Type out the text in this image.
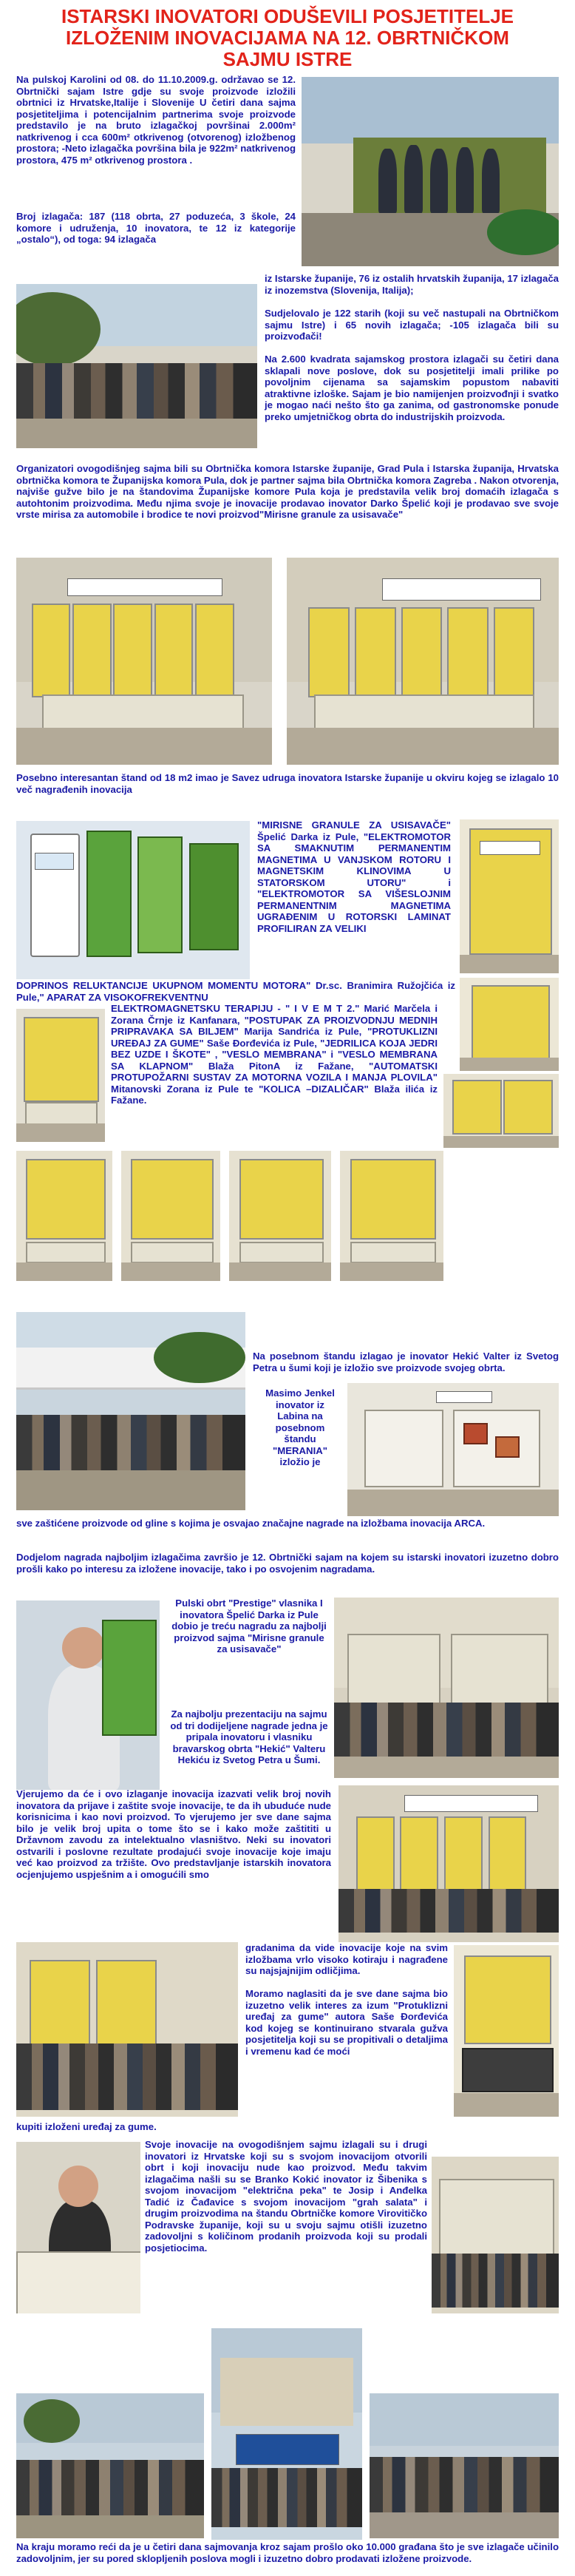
ISTARSKI INOVATORI ODUŠEVILI POSJETITELJE
IZLOŽENIM INOVACIJAMA NA 12. OBRTNIČKOM
SAJMU ISTRE

Na pulskoj Karolini od 08. do 11.10.2009.g. održavao se 12. Obrtnički sajam Istre gdje su svoje proizvode izložili obrtnici iz Hrvatske,Italije i Slovenije U četiri dana sajma posjetiteljima i potencijalnim partnerima svoje proizvode predstavilo je na bruto izlagačkoj površinai 2.000m² natkrivenog i cca 600m² otkrivenog (otvorenog) izložbenog prostora; -Neto izlagačka površina bila je 922m² natkrivenog prostora, 475 m² otkrivenog prostora .

Broj izlagača: 187 (118 obrta, 27 poduzeća, 3 škole, 24 komore i udruženja, 10 inovatora, te 12 iz kategorije „ostalo“), od toga: 94 izlagača

iz Istarske županije, 76 iz ostalih hrvatskih županija, 17 izlagača iz inozemstva (Slovenija, Italija);

Sudjelovalo je 122 starih (koji su več nastupali na Obrtničkom sajmu Istre) i 65 novih izlagača; -105 izlagača bili su proizvođači!

Na 2.600 kvadrata sajamskog prostora izlagači su četiri dana sklapali nove poslove, dok su posjetitelji imali prilike po povoljnim cijenama sa sajamskim popustom nabaviti atraktivne izloške. Sajam je bio namijenjen proizvođnji i svatko je mogao naći nešto što ga zanima, od gastronomske ponude preko umjetničkog obrta do industrijskih proizvoda.

Organizatori ovogodišnjeg sajma bili su Obrtnička komora Istarske županije, Grad Pula i Istarska županija, Hrvatska obrtnička komora te Županijska komora Pula, dok je partner sajma bila Obrtnička komora Zagreba . Nakon otvorenja, najviše gužve bilo je na štandovima Županijske komore Pula koja je predstavila velik broj domaćih izlagača s autohtonim proizvodima. Među njima svoje je inovacije prodavao inovator Darko Špelić koji je prodavao sve svoje vrste mirisa za automobile i brodice te novi proizvod"Mirisne granule za usisavače"

Posebno interesantan štand od 18 m2 imao je Savez udruga inovatora Istarske županije u okviru kojeg se izlagalo 10 več nagrađenih inovacija

"MIRISNE GRANULE ZA USISAVAČE" Špelić Darka iz Pule, "ELEKTROMOTOR SA SMAKNUTIM PERMANENTIM MAGNETIMA U VANJSKOM ROTORU I MAGNETSKIM KLINOVIMA U STATORSKOM UTORU" i "ELEKTROMOTOR SA VIŠESLOJNIM PERMANENTNIM MAGNETIMA UGRAĐENIM U ROTORSKI LAMINAT PROFILIRAN ZA VELIKI

DOPRINOS RELUKTANCIJE UKUPNOM MOMENTU MOTORA" Dr.sc. Branimira Ružojčića iz Pule," APARAT ZA VISOKOFREKVENTNU

ELEKTROMAGNETSKU TERAPIJU - " I V E M T 2." Marić Marčela i Zorana Črnje iz Kanfanara, "POSTUPAK ZA PROIZVODNJU MEDNIH PRIPRAVAKA SA BILJEM" Marija Sandrića iz Pule, "PROTUKLIZNI UREĐAJ ZA GUME" Saše Đorđevića iz Pule, "JEDRILICA KOJA JEDRI BEZ UZDE I ŠKOTE" , "VESLO MEMBRANA" i "VESLO MEMBRANA SA KLAPNOM" Blaža PitonA iz Fažane, "AUTOMATSKI PROTUPOŽARNI SUSTAV ZA MOTORNA VOZILA I MANJA PLOVILA" Mitanovski Zorana iz Pule te "KOLICA –DIZALIČAR" Blaža ilića iz Fažane.

Na posebnom štandu izlagao je inovator Hekić Valter iz Svetog Petra u šumi koji je izložio sve proizvode svojeg obrta.

Masimo Jenkel inovator iz Labina na posebnom štandu "MERANIA" izložio je

sve zaštićene proizvode od gline s kojima je osvajao značajne nagrade na izložbama inovacija ARCA.

Dodjelom nagrada najboljim izlagačima završio je 12. Obrtnički sajam na kojem su istarski inovatori izuzetno dobro prošli kako po interesu za izložene inovacije, tako i po osvojenim nagradama.

Pulski obrt "Prestige" vlasnika I inovatora Špelić Darka iz Pule dobio je treću nagradu za najbolji proizvod sajma "Mirisne granule za usisavače"

Za najbolju prezentaciju na sajmu od tri dodijeljene nagrade jedna je pripala inovatoru i vlasniku bravarskog obrta "Hekić" Valteru Hekiću iz Svetog Petra u Šumi.

Vjerujemo da će i ovo izlaganje inovacija izazvati velik broj novih inovatora da prijave i zaštite svoje inovacije, te da ih ubuduće nude korisnicima i kao novi proizvod. To vjerujemo jer sve dane sajma bilo je velik broj upita o tome što se i kako može zaštititi u Državnom zavodu za intelektualno vlasništvo. Neki su inovatori ostvarili i poslovne rezultate prodajući svoje inovacije koje imaju već kao proizvod za tržište. Ovo predstavljanje istarskih inovatora ocjenjujemo uspješnim a i omogućili smo

gradanima da vide inovacije koje na svim izložbama vrlo visoko kotiraju i nagrađene su najsjajnijim odličjima.

Moramo naglasiti da je sve dane sajma bio izuzetno velik interes za izum "Protuklizni uređaj za gume" autora Saše Đorđevića kod kojeg se kontinuirano stvarala gužva posjetitelja koji su se propitivali o detaljima i vremenu kad će moći

kupiti izloženi uređaj za gume.

Svoje inovacije na ovogodišnjem sajmu izlagali su i drugi inovatori iz Hrvatske koji su s svojom inovacijom otvorili obrt i koji inovaciju nude kao proizvod. Među takvim izlagačima našli su se Branko Kokić inovator iz Šibenika s svojom inovacijom "električna peka" te Josip i Anđelka Tadić iz Čađavice s svojom inovacijom "grah salata" i drugim proizvodima na štandu Obrtničke komore Virovitičko Podravske županije, koji su u svoju sajmu otišli izuzetno zadovoljni s količinom prodanih proizvoda koji su prodali posjetiocima.

Na kraju moramo reći da je u četiri dana sajmovanja kroz sajam prošlo oko 10.000 građana što je sve izlagače učinilo zadovoljnim, jer su pored sklopljenih poslova mogli i izuzetno dobro prodavati izložene proizvode.
